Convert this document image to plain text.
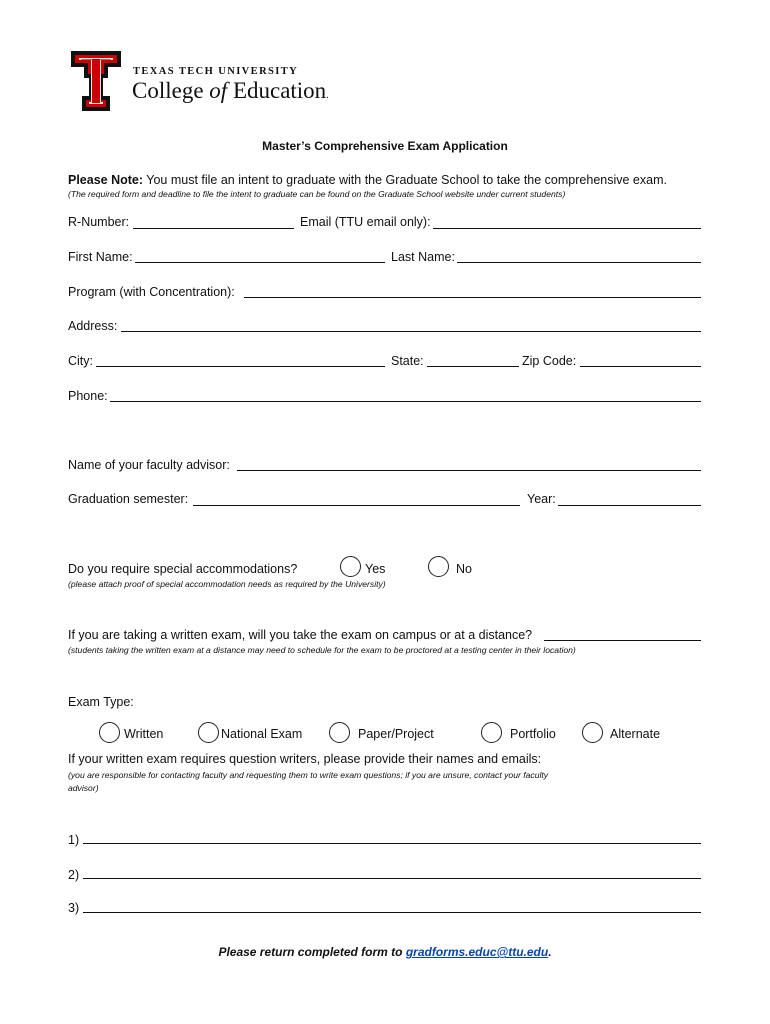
TEXAS TECH UNIVERSITY
College of Education.
Master’s Comprehensive Exam Application
Please Note: You must file an intent to graduate with the Graduate School to take the comprehensive exam.
(The required form and deadline to file the intent to graduate can be found on the Graduate School website under current students)
R-Number:	Email (TTU email only):
First Name:	Last Name:
Program (with Concentration):
Address:
City:	State:	Zip Code:
Phone:
Name of your faculty advisor:
Graduation semester:	Year:
Do you require special accommodations?	Yes	No
(please attach proof of special accommodation needs as required by the University)
If you are taking a written exam, will you take the exam on campus or at a distance?
(students taking the written exam at a distance may need to schedule for the exam to be proctored at a testing center in their location)
Exam Type:
Written	National Exam	Paper/Project	Portfolio	Alternate
If your written exam requires question writers, please provide their names and emails:
(you are responsible for contacting faculty and requesting them to write exam questions; if you are unsure, contact your faculty
advisor)
1)
2)
3)
Please return completed form to gradforms.educ@ttu.edu.
